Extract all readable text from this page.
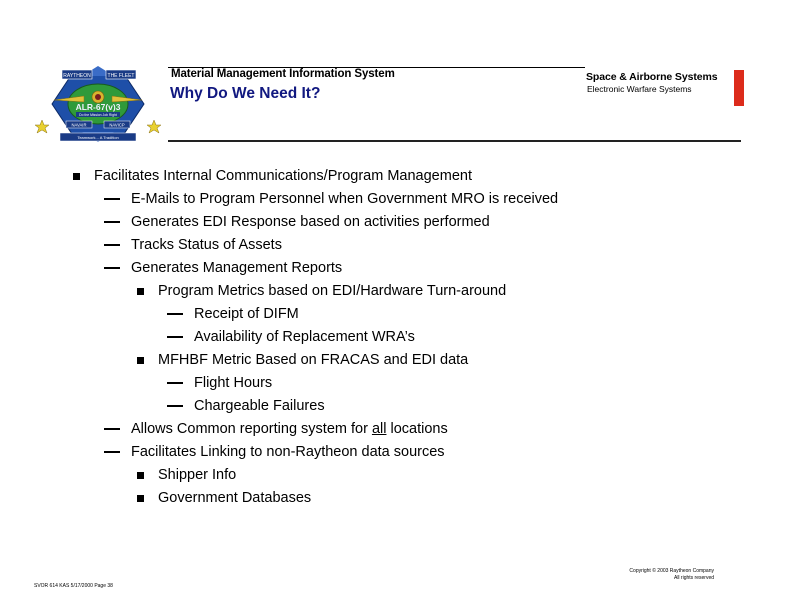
RAYTHEON	THE FLEET
ALR-67(v)3
Do the Mission Job Right
NAVAIR	NAVICP
Teamwork... A Tradition
Material Management Information System
Why Do We Need It?
Space & Airborne Systems
Electronic Warfare Systems
Facilitates Internal Communications/Program Management
E-Mails to Program Personnel when Government MRO is received
Generates EDI Response based on activities performed
Tracks Status of Assets
Generates Management Reports
Program Metrics based on EDI/Hardware Turn-around
Receipt of DIFM
Availability of Replacement WRA’s
MFHBF Metric Based on FRACAS and EDI data
Flight Hours
Chargeable Failures
Allows Common reporting system for all locations
Facilitates Linking to non-Raytheon data sources
Shipper Info
Government Databases
Copyright © 2003 Raytheon Company
All rights reserved
SVOR 614 KAS 5/17/2000 Page 38
